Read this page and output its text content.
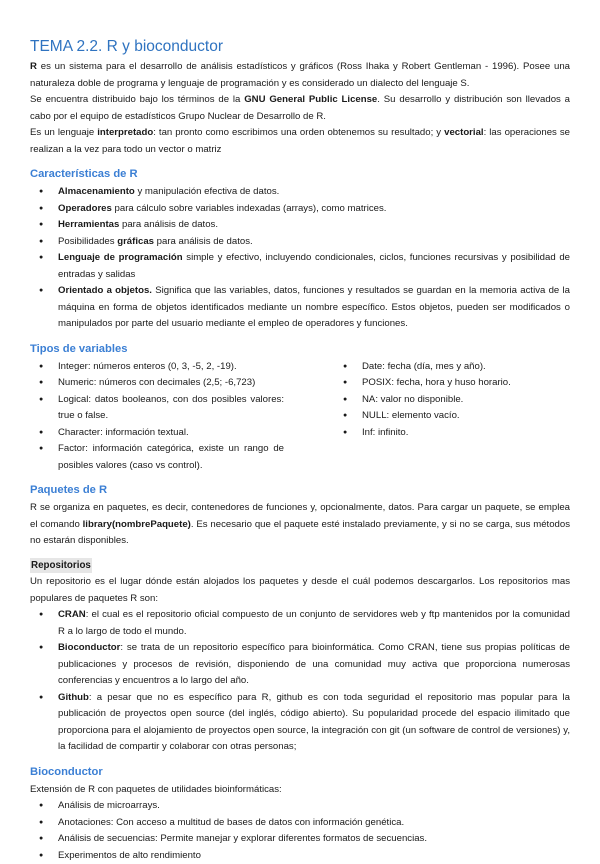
TEMA 2.2. R y bioconductor

R es un sistema para el desarrollo de análisis estadísticos y gráficos (Ross Ihaka y Robert Gentleman - 1996). Posee una naturaleza doble de programa y lenguaje de programación y es considerado un dialecto del lenguaje S.

Se encuentra distribuido bajo los términos de la GNU General Public License. Su desarrollo y distribución son llevados a cabo por el equipo de estadísticos Grupo Nuclear de Desarrollo de R.

Es un lenguaje interpretado: tan pronto como escribimos una orden obtenemos su resultado; y vectorial: las operaciones se realizan a la vez para todo un vector o matriz

Características de R
● Almacenamiento y manipulación efectiva de datos.
● Operadores para cálculo sobre variables indexadas (arrays), como matrices.
● Herramientas para análisis de datos.
● Posibilidades gráficas para análisis de datos.
● Lenguaje de programación simple y efectivo, incluyendo condicionales, ciclos, funciones recursivas y posibilidad de entradas y salidas
● Orientado a objetos. Significa que las variables, datos, funciones y resultados se guardan en la memoria activa de la máquina en forma de objetos identificados mediante un nombre específico. Estos objetos, pueden ser modificados o manipulados por parte del usuario mediante el empleo de operadores y funciones.
Tipos de variables
● Integer: números enteros (0, 3, -5, 2, -19).
● Numeric: números con decimales (2,5; -6,723)
● Logical: datos booleanos, con dos posibles valores: true o false.
● Character: información textual.
● Factor: información categórica, existe un rango de posibles valores (caso vs control).
● Date: fecha (día, mes y año).
● POSIX: fecha, hora y huso horario.
● NA: valor no disponible.
● NULL: elemento vacío.
● Inf: infinito.
Paquetes de R

R se organiza en paquetes, es decir, contenedores de funciones y, opcionalmente, datos. Para cargar un paquete, se emplea el comando library(nombrePaquete). Es necesario que el paquete esté instalado previamente, y si no se carga, sus métodos no estarán disponibles.

Repositorios

Un repositorio es el lugar dónde están alojados los paquetes y desde el cuál podemos descargarlos. Los repositorios mas populares de paquetes R son:

● CRAN: el cual es el repositorio oficial compuesto de un conjunto de servidores web y ftp mantenidos por la comunidad R a lo largo de todo el mundo.
● Bioconductor: se trata de un repositorio específico para bioinformática. Como CRAN, tiene sus propias políticas de publicaciones y procesos de revisión, disponiendo de una comunidad muy activa que proporciona numerosas conferencias y encuentros a lo largo del año.
● Github: a pesar que no es específico para R, github es con toda seguridad el repositorio mas popular para la publicación de proyectos open source (del inglés, código abierto). Su popularidad procede del espacio ilimitado que proporciona para el alojamiento de proyectos open source, la integración con git (un software de control de versiones) y, la facilidad de compartir y colaborar con otras personas;
Bioconductor

Extensión de R con paquetes de utilidades bioinformáticas:

● Análisis de microarrays.
● Anotaciones: Con acceso a multitud de bases de datos con información genética.
● Análisis de secuencias: Permite manejar y explorar diferentes formatos de secuencias.
● Experimentos de alto rendimiento
